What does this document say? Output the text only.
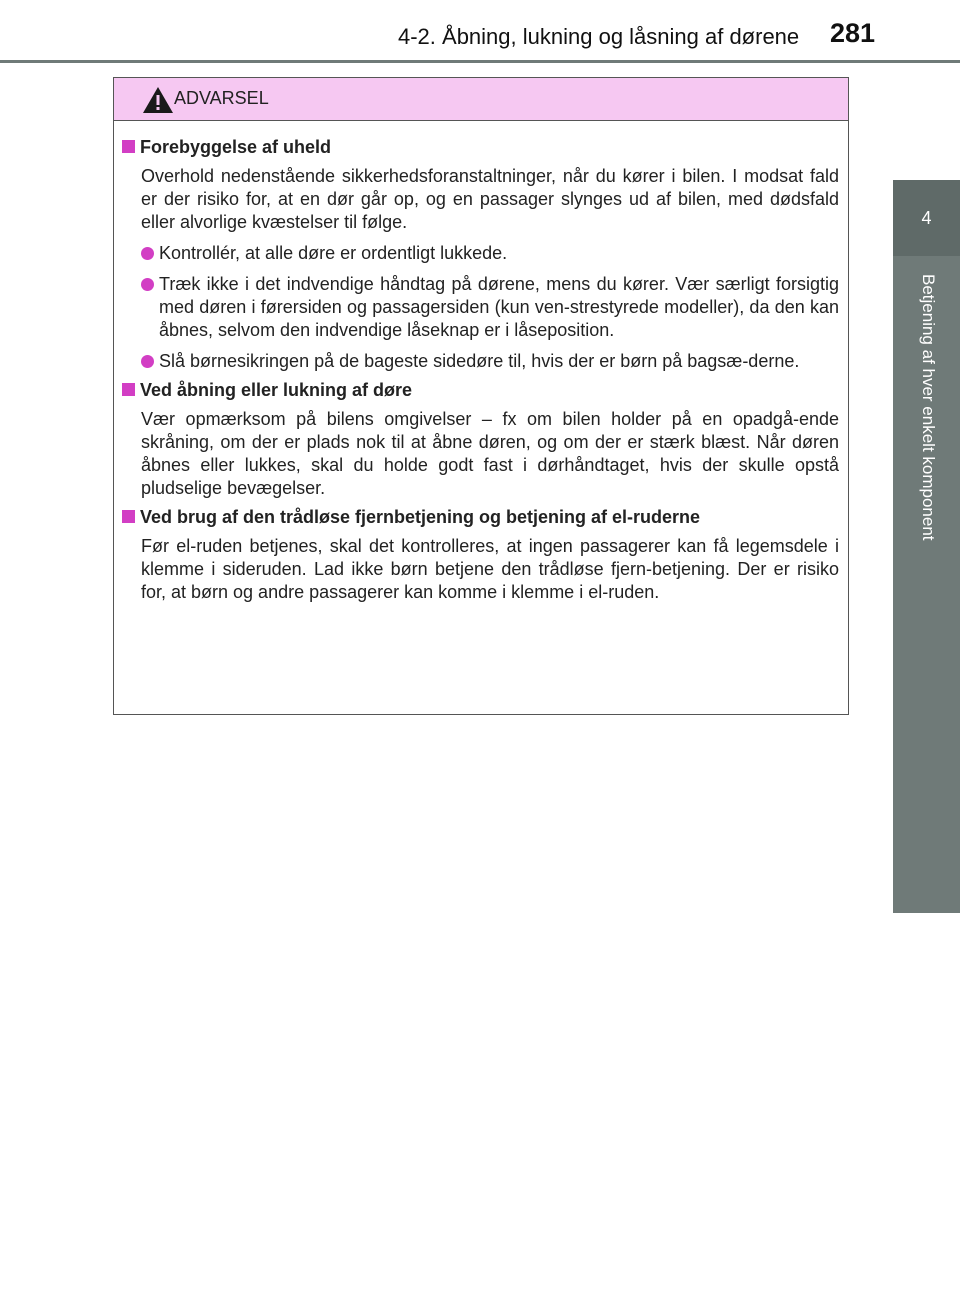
4-2. Åbning, lukning og låsning af dørene 281
4
Betjening af hver enkelt komponent
ADVARSEL
Forebyggelse af uheld
Overhold nedenstående sikkerhedsforanstaltninger, når du kører i bilen. I modsat fald er der risiko for, at en dør går op, og en passager slynges ud af bilen, med dødsfald eller alvorlige kvæstelser til følge.
Kontrollér, at alle døre er ordentligt lukkede.
Træk ikke i det indvendige håndtag på dørene, mens du kører. Vær særligt forsigtig med døren i førersiden og passagersiden (kun ven-strestyrede modeller), da den kan åbnes, selvom den indvendige låseknap er i låseposition.
Slå børnesikringen på de bageste sidedøre til, hvis der er børn på bagsæ-derne.
Ved åbning eller lukning af døre
Vær opmærksom på bilens omgivelser – fx om bilen holder på en opadgå-ende skråning, om der er plads nok til at åbne døren, og om der er stærk blæst. Når døren åbnes eller lukkes, skal du holde godt fast i dørhåndtaget, hvis der skulle opstå pludselige bevægelser.
Ved brug af den trådløse fjernbetjening og betjening af el-ruderne
Før el-ruden betjenes, skal det kontrolleres, at ingen passagerer kan få legemsdele i klemme i sideruden. Lad ikke børn betjene den trådløse fjern-betjening. Der er risiko for, at børn og andre passagerer kan komme i klemme i el-ruden.
